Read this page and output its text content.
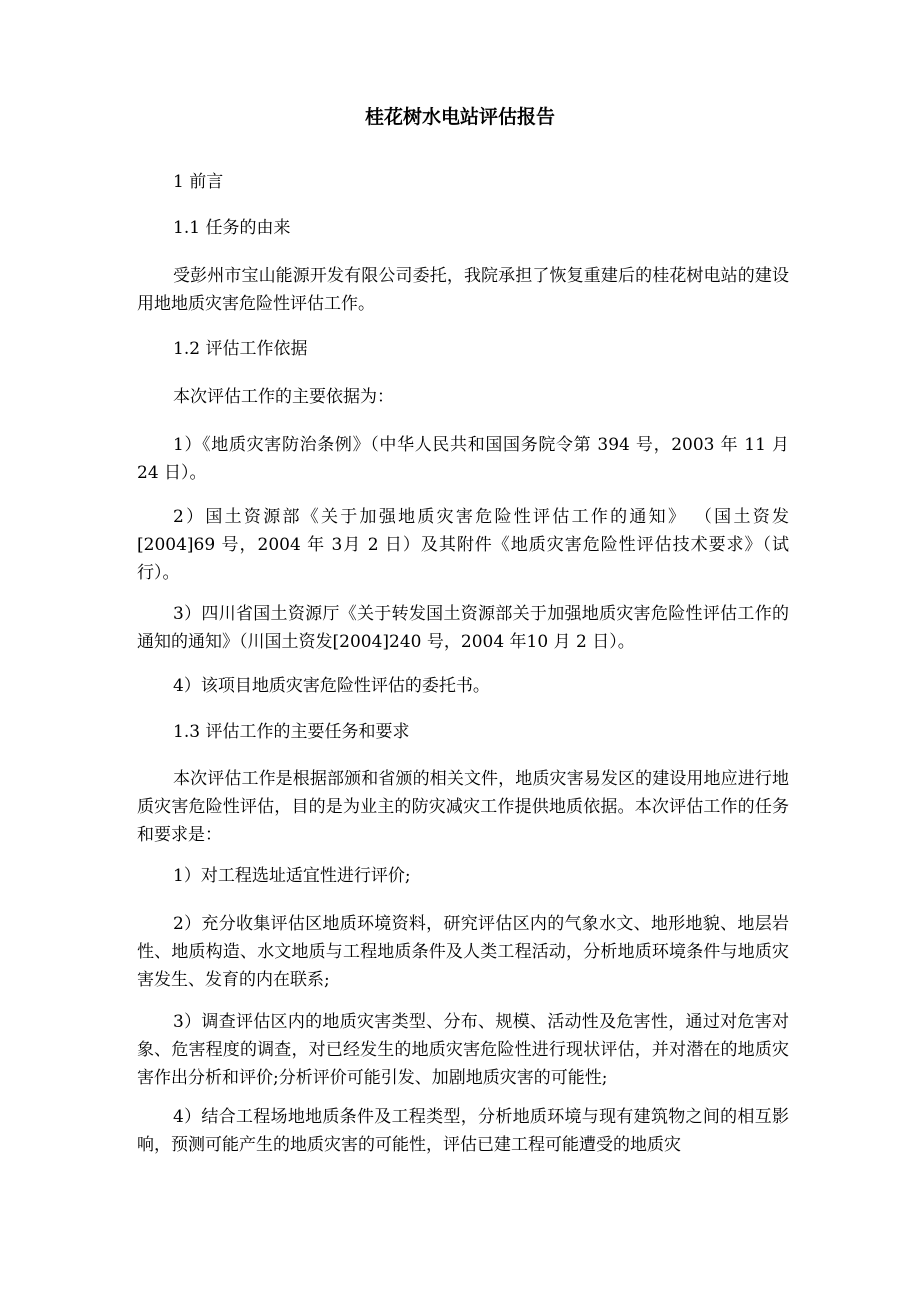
桂花树水电站评估报告

1 前言

1.1 任务的由来

受彭州市宝山能源开发有限公司委托，我院承担了恢复重建后的桂花树电站的建设用地地质灾害危险性评估工作。

1.2 评估工作依据

本次评估工作的主要依据为：

1）《地质灾害防治条例》（中华人民共和国国务院令第 394 号，2003 年 11 月 24 日）。

2）国土资源部《关于加强地质灾害危险性评估工作的通知》 （国土资发[2004]69 号，2004 年 3月 2 日）及其附件《地质灾害危险性评估技术要求》（试行）。

3）四川省国土资源厅《关于转发国土资源部关于加强地质灾害危险性评估工作的通知的通知》（川国土资发[2004]240 号，2004 年10 月 2 日）。

4）该项目地质灾害危险性评估的委托书。

1.3 评估工作的主要任务和要求

本次评估工作是根据部颁和省颁的相关文件，地质灾害易发区的建设用地应进行地质灾害危险性评估，目的是为业主的防灾减灾工作提供地质依据。本次评估工作的任务和要求是：

1）对工程选址适宜性进行评价;

2）充分收集评估区地质环境资料，研究评估区内的气象水文、地形地貌、地层岩性、地质构造、水文地质与工程地质条件及人类工程活动，分析地质环境条件与地质灾害发生、发育的内在联系;

3）调查评估区内的地质灾害类型、分布、规模、活动性及危害性，通过对危害对象、危害程度的调查，对已经发生的地质灾害危险性进行现状评估，并对潜在的地质灾害作出分析和评价;分析评价可能引发、加剧地质灾害的可能性;

4）结合工程场地地质条件及工程类型，分析地质环境与现有建筑物之间的相互影响，预测可能产生的地质灾害的可能性，评估已建工程可能遭受的地质灾
